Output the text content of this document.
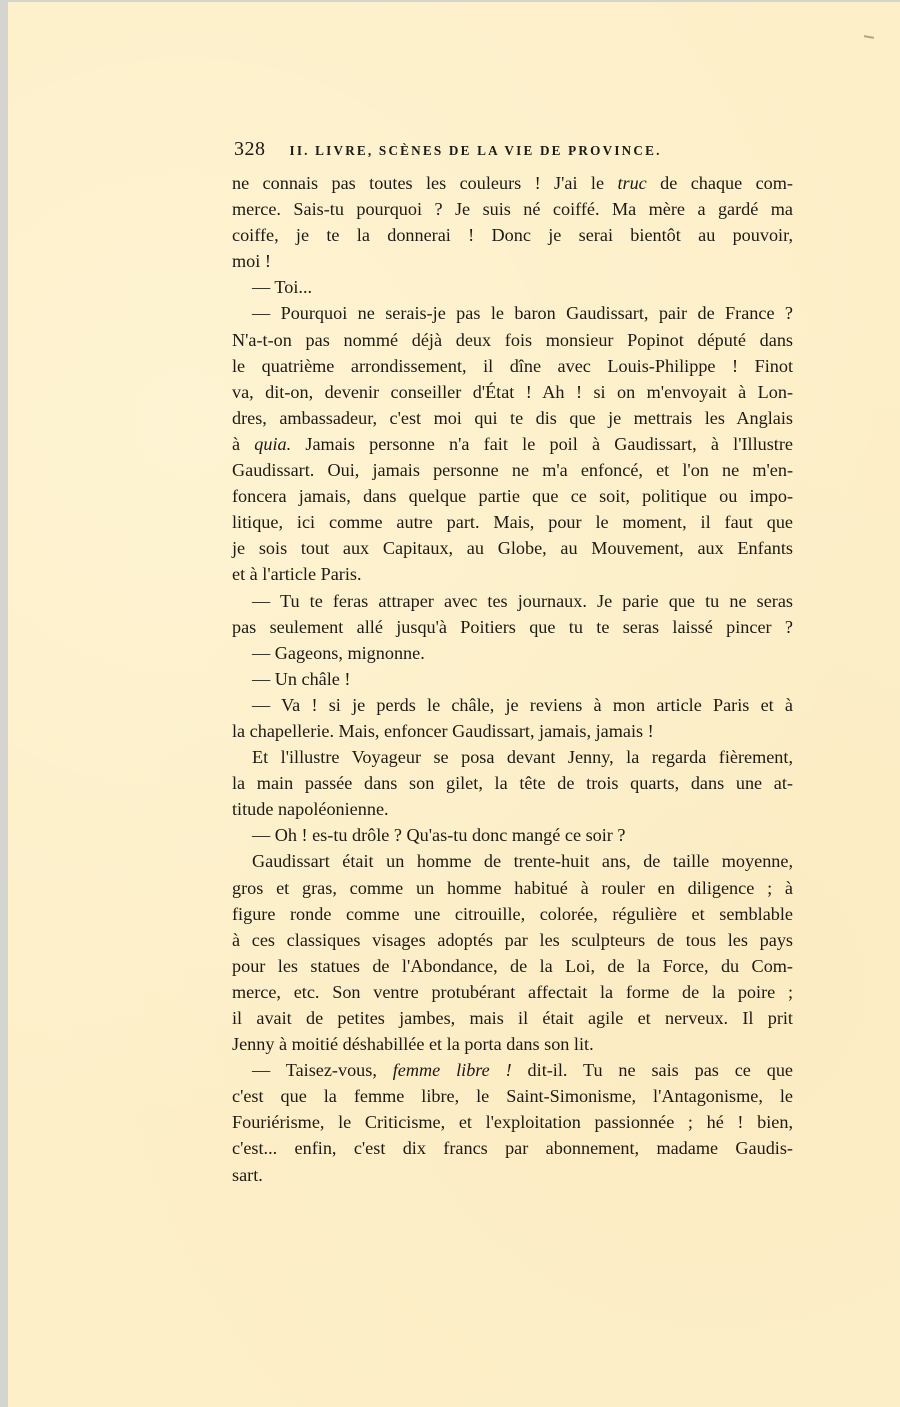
328 II. LIVRE, SCÈNES DE LA VIE DE PROVINCE.
ne connais pas toutes les couleurs ! J'ai le truc de chaque com-
merce. Sais-tu pourquoi ? Je suis né coiffé. Ma mère a gardé ma
coiffe, je te la donnerai ! Donc je serai bientôt au pouvoir,
moi !
— Toi...
— Pourquoi ne serais-je pas le baron Gaudissart, pair de France ?
N'a-t-on pas nommé déjà deux fois monsieur Popinot député dans
le quatrième arrondissement, il dîne avec Louis-Philippe ! Finot
va, dit-on, devenir conseiller d'État ! Ah ! si on m'envoyait à Lon-
dres, ambassadeur, c'est moi qui te dis que je mettrais les Anglais
à quia. Jamais personne n'a fait le poil à Gaudissart, à l'Illustre
Gaudissart. Oui, jamais personne ne m'a enfoncé, et l'on ne m'en-
foncera jamais, dans quelque partie que ce soit, politique ou impo-
litique, ici comme autre part. Mais, pour le moment, il faut que
je sois tout aux Capitaux, au Globe, au Mouvement, aux Enfants
et à l'article Paris.
— Tu te feras attraper avec tes journaux. Je parie que tu ne seras
pas seulement allé jusqu'à Poitiers que tu te seras laissé pincer ?
— Gageons, mignonne.
— Un châle !
— Va ! si je perds le châle, je reviens à mon article Paris et à
la chapellerie. Mais, enfoncer Gaudissart, jamais, jamais !
Et l'illustre Voyageur se posa devant Jenny, la regarda fièrement,
la main passée dans son gilet, la tête de trois quarts, dans une at-
titude napoléonienne.
— Oh ! es-tu drôle ? Qu'as-tu donc mangé ce soir ?
Gaudissart était un homme de trente-huit ans, de taille moyenne,
gros et gras, comme un homme habitué à rouler en diligence ; à
figure ronde comme une citrouille, colorée, régulière et semblable
à ces classiques visages adoptés par les sculpteurs de tous les pays
pour les statues de l'Abondance, de la Loi, de la Force, du Com-
merce, etc. Son ventre protubérant affectait la forme de la poire ;
il avait de petites jambes, mais il était agile et nerveux. Il prit
Jenny à moitié déshabillée et la porta dans son lit.
— Taisez-vous, femme libre ! dit-il. Tu ne sais pas ce que
c'est que la femme libre, le Saint-Simonisme, l'Antagonisme, le
Fouriérisme, le Criticisme, et l'exploitation passionnée ; hé ! bien,
c'est... enfin, c'est dix francs par abonnement, madame Gaudis-
sart.
